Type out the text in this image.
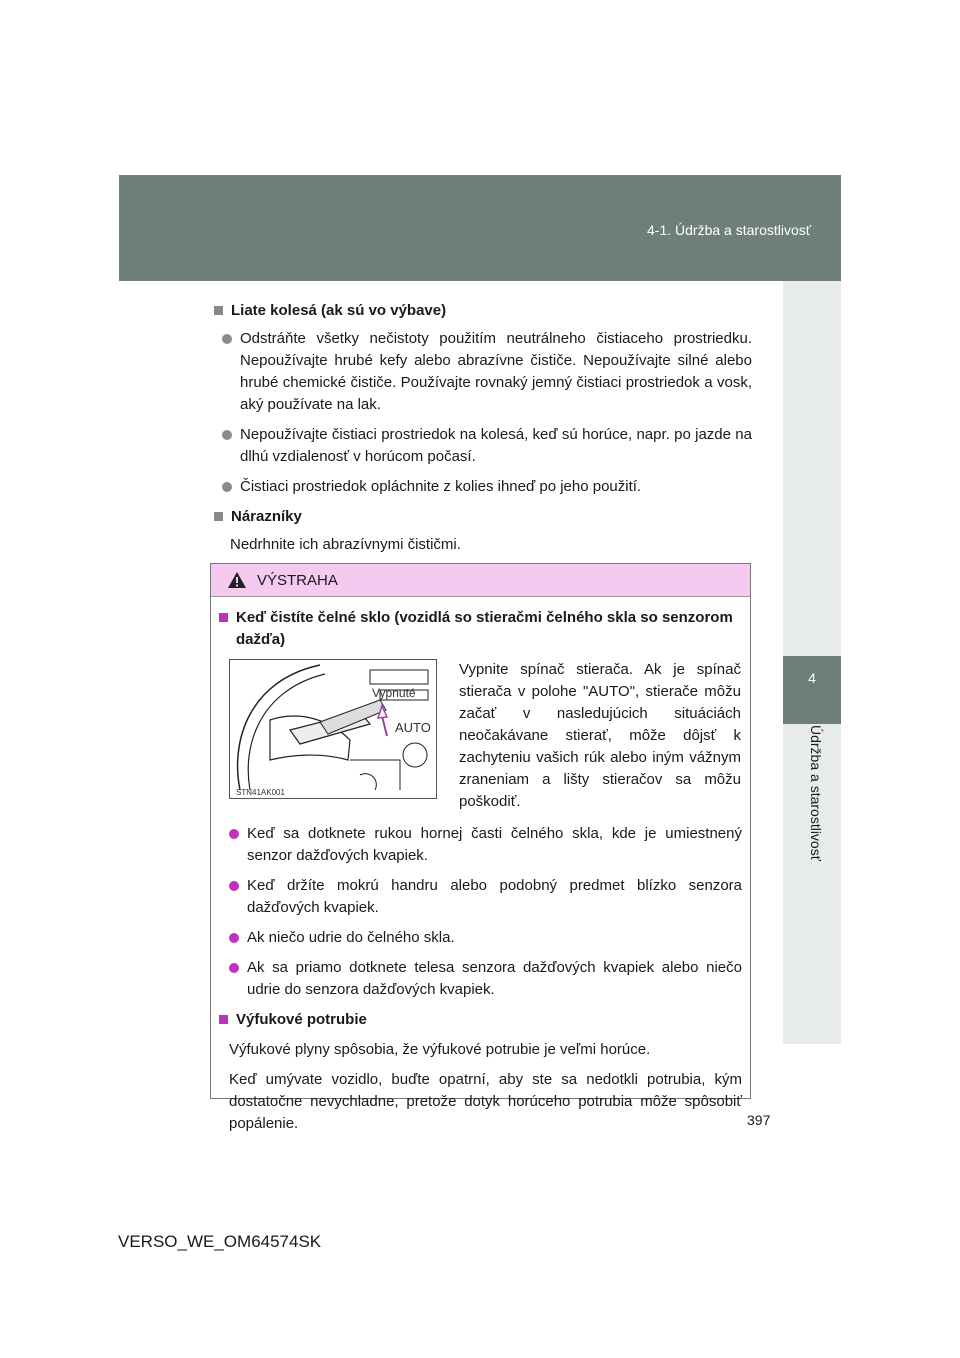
4-1. Údržba a starostlivosť
4
Údržba a starostlivosť
Liate kolesá (ak sú vo výbave)
Odstráňte všetky nečistoty použitím neutrálneho čistiaceho prostriedku. Nepoužívajte hrubé kefy alebo abrazívne čističe. Nepoužívajte silné alebo hrubé chemické čističe. Používajte rovnaký jemný čistiaci prostriedok a vosk, aký používate na lak.
Nepoužívajte čistiaci prostriedok na kolesá, keď sú horúce, napr. po jazde na dlhú vzdialenosť v horúcom počasí.
Čistiaci prostriedok opláchnite z kolies ihneď po jeho použití.
Nárazníky
Nedrhnite ich abrazívnymi čističmi.
VÝSTRAHA
Keď čistíte čelné sklo (vozidlá so stieračmi čelného skla so senzorom dažďa)
Vypnuté
AUTO
STN41AK001
Vypnite spínač stierača. Ak je spínač stierača v polohe "AUTO", stierače môžu začať v nasledujúcich situáciách neočakávane stierať, môže dôjsť k zachyteniu vašich rúk alebo iným vážnym zraneniam a lišty stieračov sa môžu poškodiť.
Keď sa dotknete rukou hornej časti čelného skla, kde je umiestnený senzor dažďových kvapiek.
Keď držíte mokrú handru alebo podobný predmet blízko senzora dažďových kvapiek.
Ak niečo udrie do čelného skla.
Ak sa priamo dotknete telesa senzora dažďových kvapiek alebo niečo udrie do senzora dažďových kvapiek.
Výfukové potrubie
Výfukové plyny spôsobia, že výfukové potrubie je veľmi horúce.
Keď umývate vozidlo, buďte opatrní, aby ste sa nedotkli potrubia, kým dostatočne nevychladne, pretože dotyk horúceho potrubia môže spôsobiť popálenie.	397
VERSO_WE_OM64574SK
